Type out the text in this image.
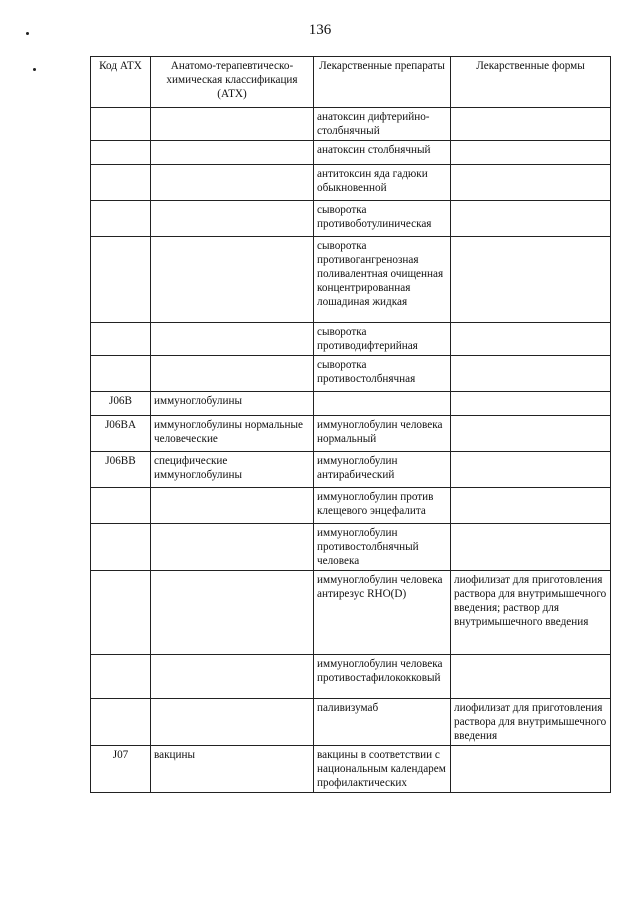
136
Код АТХ	Анатомо-терапевтическо-химическая классификация (АТХ)	Лекарственные препараты	Лекарственные формы
		анатоксин дифтерийно-столбнячный	
		анатоксин столбнячный	
		антитоксин яда гадюки обыкновенной	
		сыворотка противоботулиническая	
		сыворотка противогангренозная поливалентная очищенная концентрированная лошадиная жидкая	
		сыворотка противодифтерийная	
		сыворотка противостолбнячная	
J06B	иммуноглобулины		
J06BA	иммуноглобулины нормальные человеческие	иммуноглобулин человека нормальный	
J06BB	специфические иммуноглобулины	иммуноглобулин антирабический	
		иммуноглобулин против клещевого энцефалита	
		иммуноглобулин противостолбнячный человека	
		иммуноглобулин человека антирезус RHO(D)	лиофилизат для приготовления раствора для внутримышечного введения; раствор для внутримышечного введения
		иммуноглобулин человека противостафилококковый	
		паливизумаб	лиофилизат для приготовления раствора для внутримышечного введения
J07	вакцины	вакцины в соответствии с национальным календарем профилактических	
